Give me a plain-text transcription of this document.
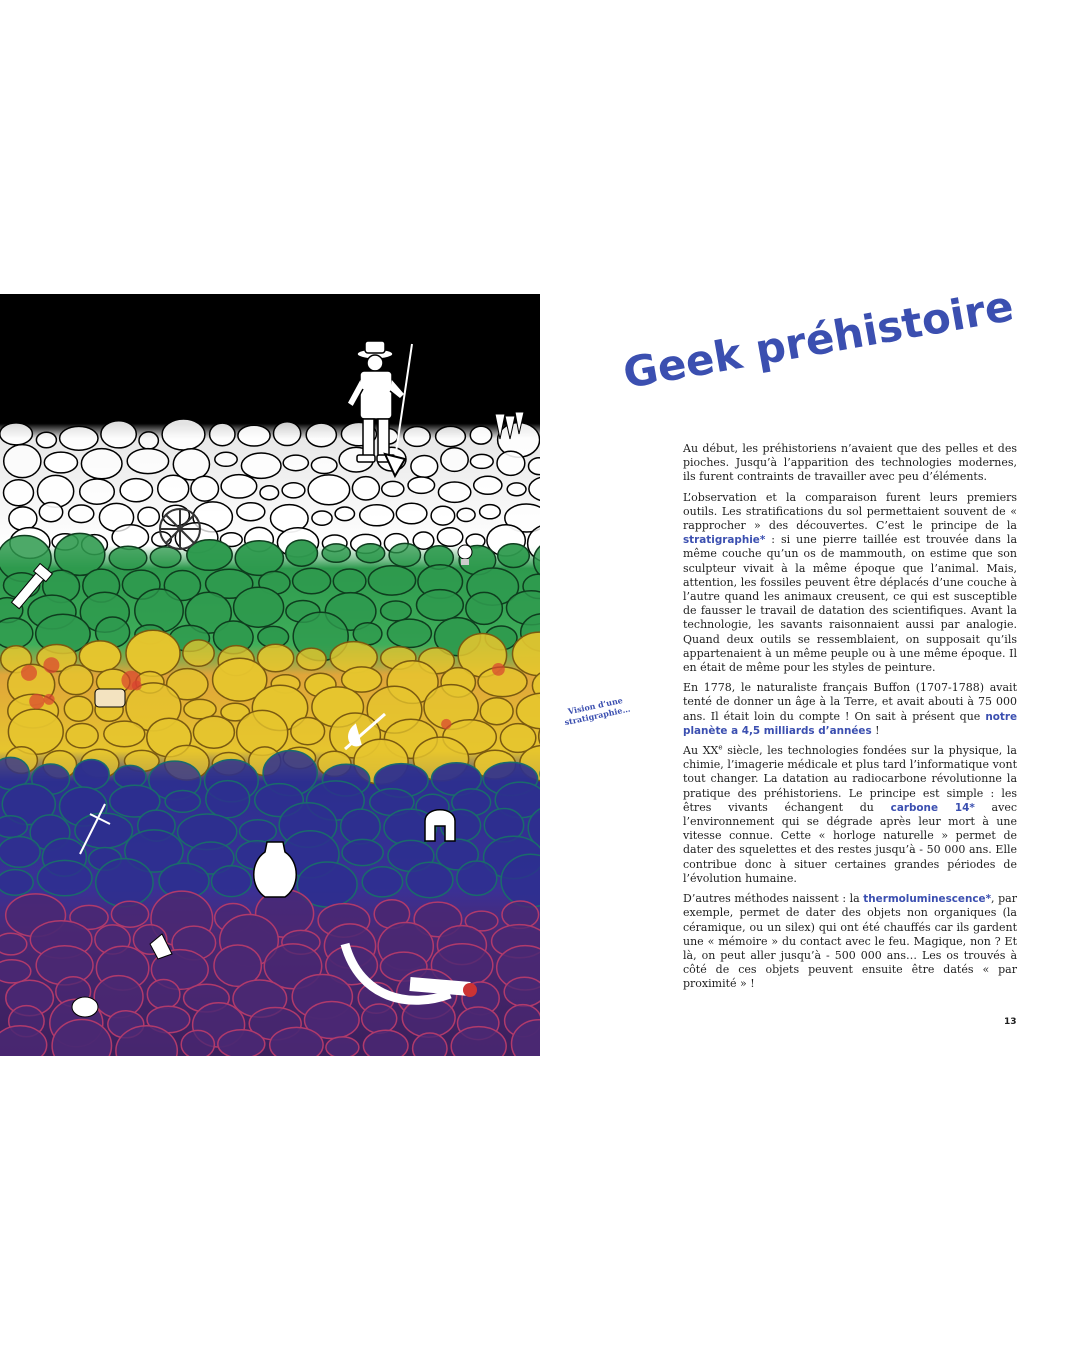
Vision d’une stratigraphie…
Geek préhistoire

Au début, les préhistoriens n’avaient que des pelles et des pioches. Jusqu’à l’apparition des technologies modernes, ils furent contraints de travailler avec peu d’éléments.

L’observation et la comparaison furent leurs premiers outils. Les stratifications du sol permettaient souvent de « rapprocher » des découvertes. C’est le principe de la stratigraphie* : si une pierre taillée est trouvée dans la même couche qu’un os de mammouth, on estime que son sculpteur vivait à la même époque que l’animal. Mais, attention, les fossiles peuvent être déplacés d’une couche à l’autre quand les animaux creusent, ce qui est susceptible de fausser le travail de datation des scientifiques. Avant la technologie, les savants raisonnaient aussi par analogie. Quand deux outils se ressemblaient, on supposait qu’ils appartenaient à un même peuple ou à une même époque. Il en était de même pour les styles de peinture.

En 1778, le naturaliste français Buffon (1707-1788) avait tenté de donner un âge à la Terre, et avait abouti à 75 000 ans. Il était loin du compte ! On sait à présent que notre planète a 4,5 milliards d’années !

Au XXe siècle, les technologies fondées sur la physique, la chimie, l’imagerie médicale et plus tard l’informatique vont tout changer. La datation au radiocarbone révolutionne la pratique des préhistoriens. Le principe est simple : les êtres vivants échangent du carbone 14* avec l’environnement qui se dégrade après leur mort à une vitesse connue. Cette « horloge naturelle » permet de dater des squelettes et des restes jusqu’à - 50 000 ans. Elle contribue donc à situer certaines grandes périodes de l’évolution humaine.

D’autres méthodes naissent : la thermoluminescence*, par exemple, permet de dater des objets non organiques (la céramique, ou un silex) qui ont été chauffés car ils gardent une « mémoire » du contact avec le feu. Magique, non ? Et là, on peut aller jusqu’à - 500 000 ans… Les os trouvés à côté de ces objets peuvent ensuite être datés « par proximité » !

13
